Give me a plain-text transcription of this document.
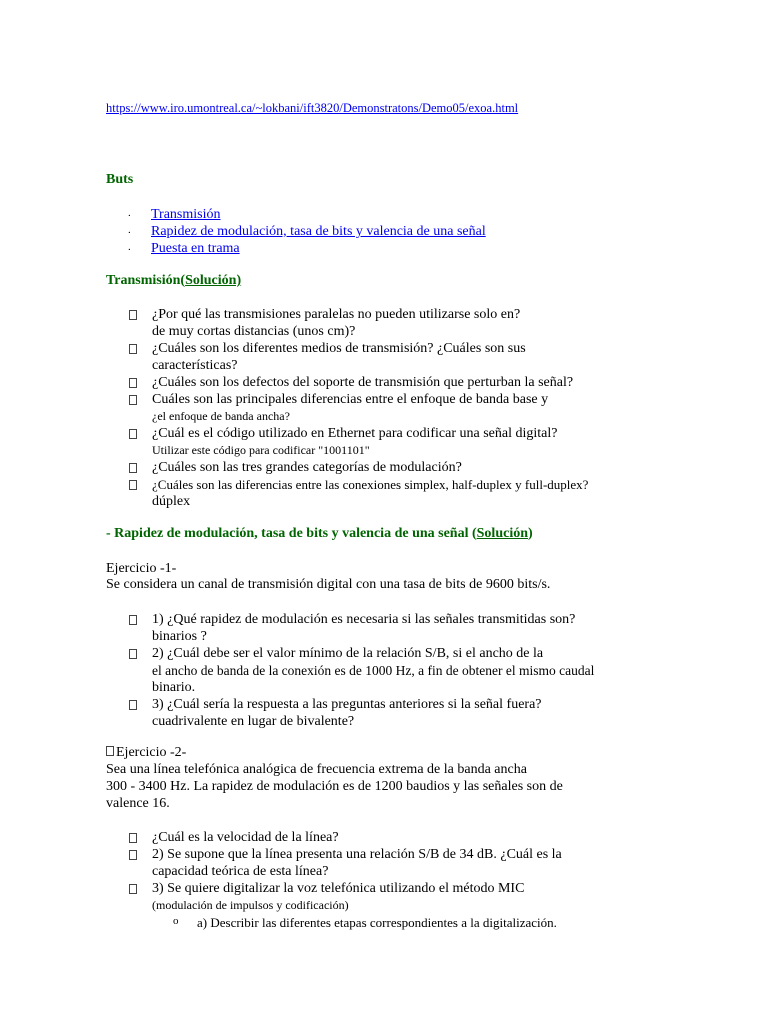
https://www.iro.umontreal.ca/~lokbani/ift3820/Demonstratons/Demo05/exoa.html
Buts
. Transmisión
. Rapidez de modulación, tasa de bits y valencia de una señal
. Puesta en trama
Transmisión(Solución)
¿Por qué las transmisiones paralelas no pueden utilizarse solo en?
de muy cortas distancias (unos cm)?
¿Cuáles son los diferentes medios de transmisión? ¿Cuáles son sus
características?
¿Cuáles son los defectos del soporte de transmisión que perturban la señal?
Cuáles son las principales diferencias entre el enfoque de banda base y
¿el enfoque de banda ancha?
¿Cuál es el código utilizado en Ethernet para codificar una señal digital?
Utilizar este código para codificar "1001101"
¿Cuáles son las tres grandes categorías de modulación?
¿Cuáles son las diferencias entre las conexiones simplex, half-duplex y full-duplex?
dúplex
- Rapidez de modulación, tasa de bits y valencia de una señal (Solución)
Ejercicio -1-
Se considera un canal de transmisión digital con una tasa de bits de 9600 bits/s.
1) ¿Qué rapidez de modulación es necesaria si las señales transmitidas son?
binarios ?
2) ¿Cuál debe ser el valor mínimo de la relación S/B, si el ancho de la
el ancho de banda de la conexión es de 1000 Hz, a fin de obtener el mismo caudal
binario.
3) ¿Cuál sería la respuesta a las preguntas anteriores si la señal fuera?
cuadrivalente en lugar de bivalente?
Ejercicio -2-
Sea una línea telefónica analógica de frecuencia extrema de la banda ancha
300 - 3400 Hz. La rapidez de modulación es de 1200 baudios y las señales son de
valence 16.
¿Cuál es la velocidad de la línea?
2) Se supone que la línea presenta una relación S/B de 34 dB. ¿Cuál es la
capacidad teórica de esta línea?
3) Se quiere digitalizar la voz telefónica utilizando el método MIC
(modulación de impulsos y codificación)
o a) Describir las diferentes etapas correspondientes a la digitalización.
